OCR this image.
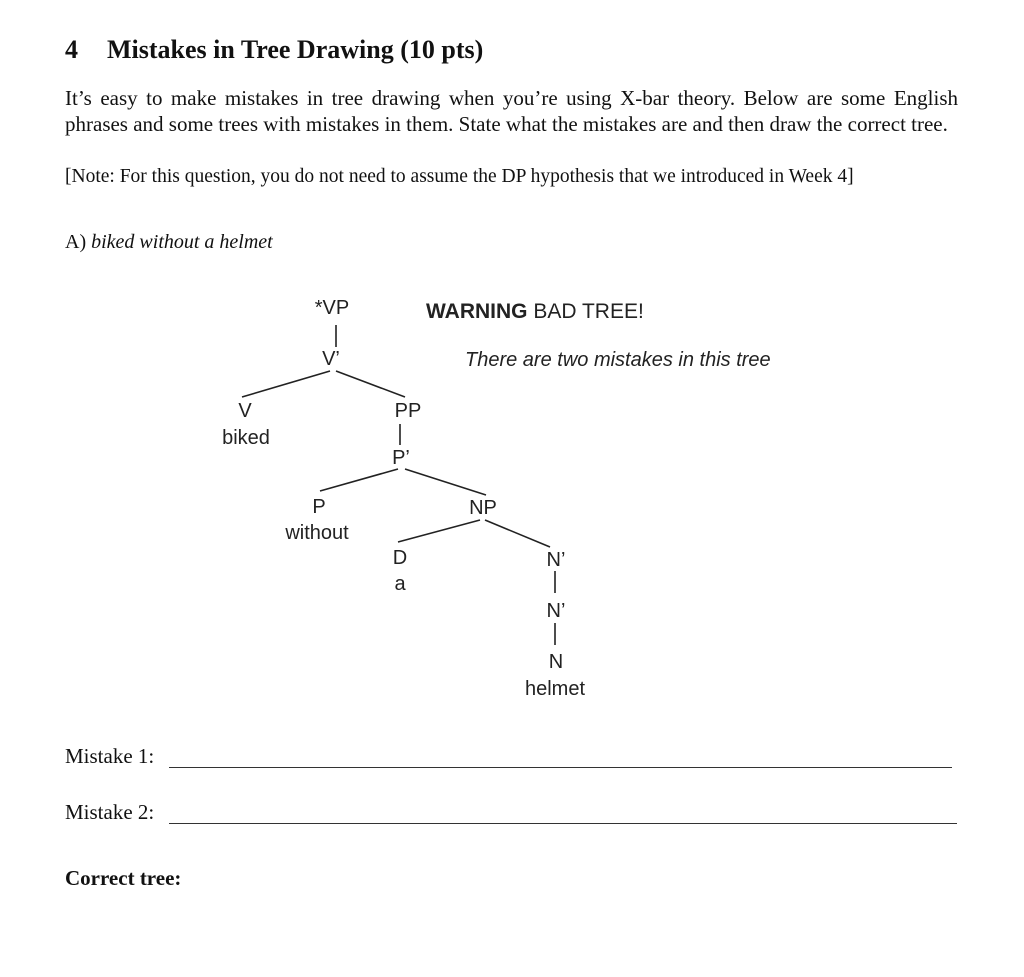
4 Mistakes in Tree Drawing (10 pts)

It’s easy to make mistakes in tree drawing when you’re using X-bar theory. Below are some English phrases and some trees with mistakes in them. State what the mistakes are and then draw the correct tree.

[Note: For this question, you do not need to assume the DP hypothesis that we introduced in Week 4]
A) biked without a helmet
*VP
V’
V
biked
PP
P’
P
without
NP
D
a
N’
N’
N
helmet
WARNING BAD TREE!
There are two mistakes in this tree
Mistake 1:
Mistake 2:
Correct tree:
